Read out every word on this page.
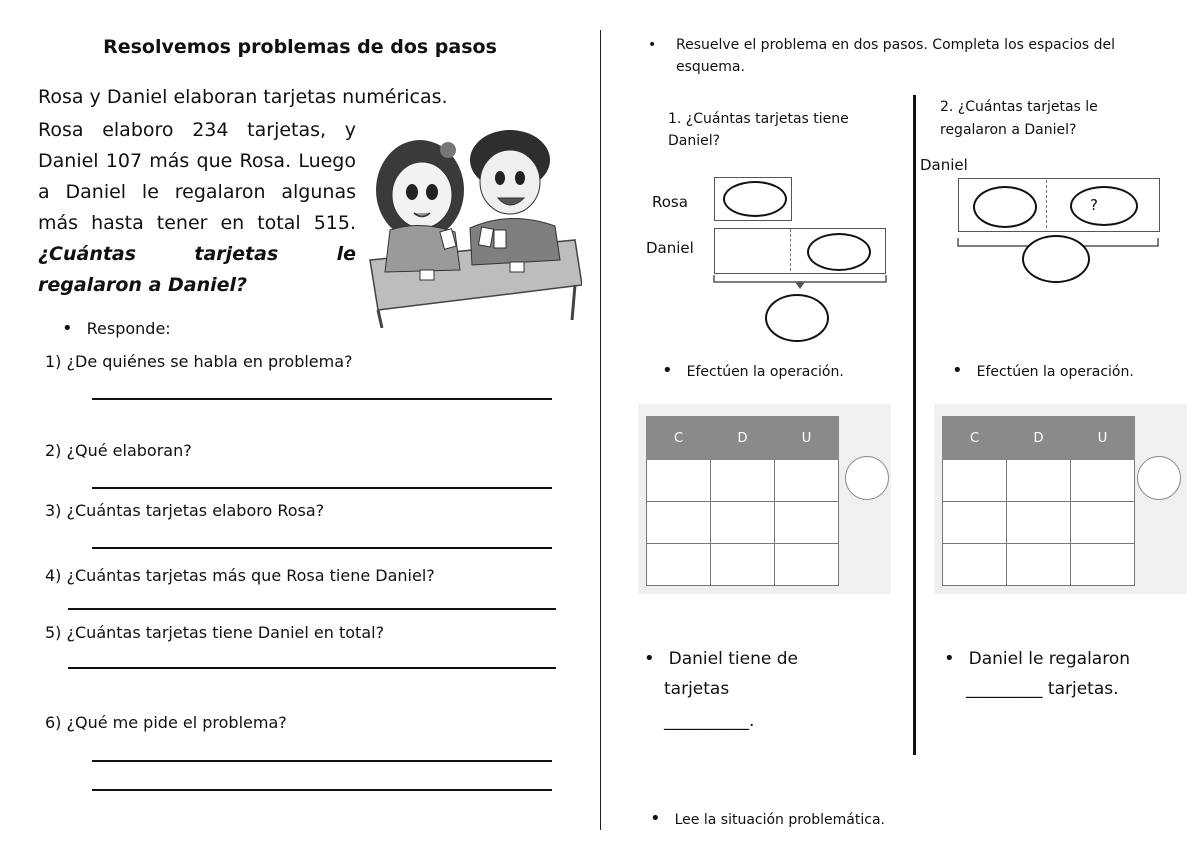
Resolvemos problemas de dos pasos
Rosa y Daniel elaboran tarjetas numéricas.
Rosa elaboro 234 tarjetas, y Daniel 107 más que Rosa. Luego a Daniel le regalaron algunas más hasta tener en total 515. ¿Cuántas tarjetas le regalaron a Daniel?
• Responde:
1) ¿De quiénes se habla en problema?
2) ¿Qué elaboran?
3) ¿Cuántas tarjetas elaboro Rosa?
4) ¿Cuántas tarjetas más que Rosa tiene Daniel?
5) ¿Cuántas tarjetas tiene Daniel en total?
6) ¿Qué me pide el problema?
•	Resuelve el problema en dos pasos. Completa los espacios del esquema.
1. ¿Cuántas tarjetas tiene Daniel?
2. ¿Cuántas tarjetas le regalaron a Daniel?
Rosa
Daniel
Daniel
?
• Efectúen la operación.	• Efectúen la operación.
C	D	U

			C	D	U

• Daniel tiene de
tarjetas
__________.
• Daniel le regalaron
_________ tarjetas.
• Lee la situación problemática.
